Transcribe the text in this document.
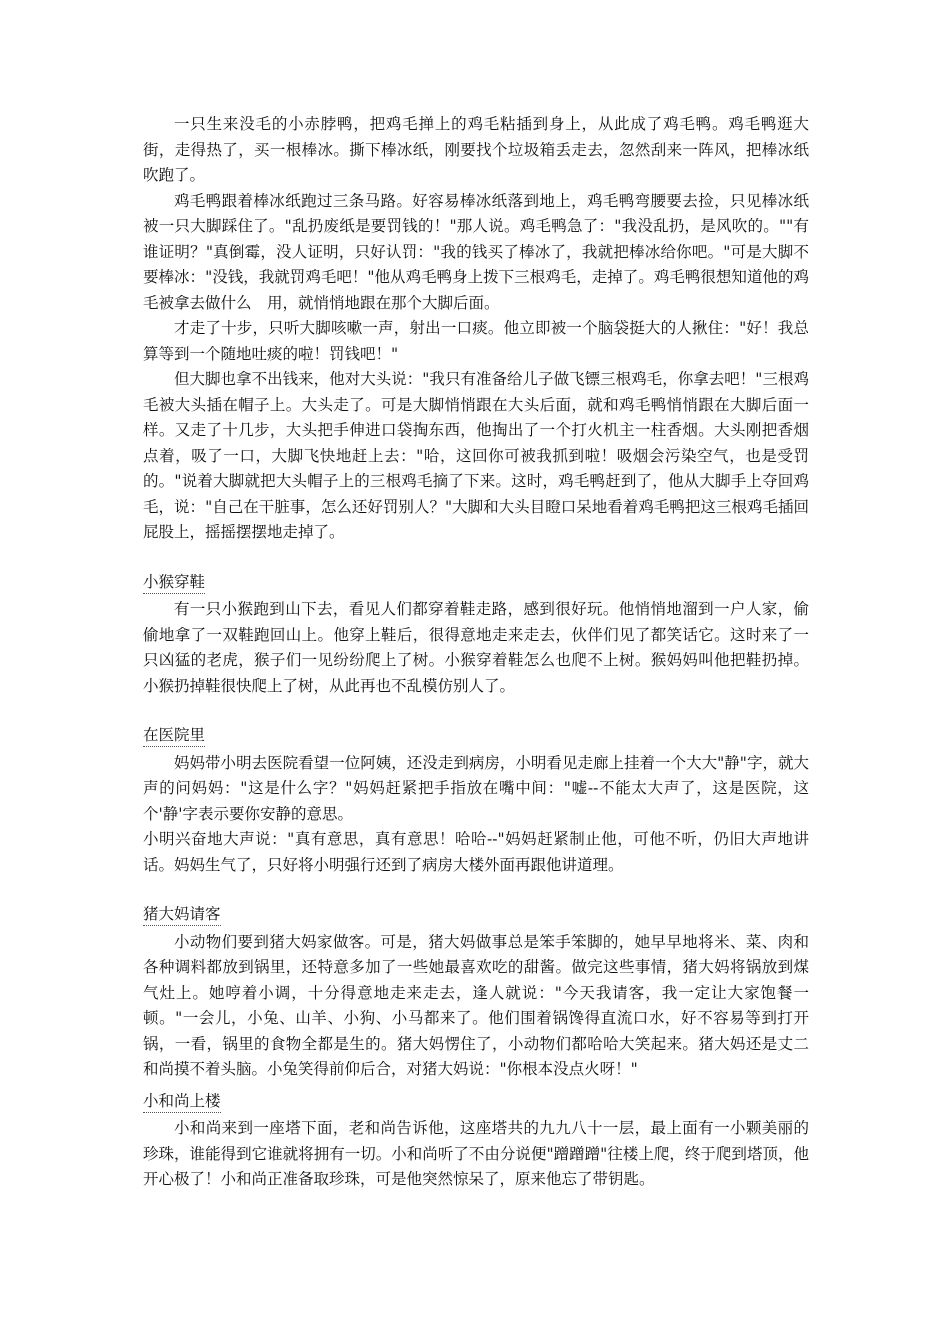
一只生来没毛的小赤脖鸭，把鸡毛掸上的鸡毛粘插到身上，从此成了鸡毛鸭。鸡毛鸭逛大街，走得热了，买一根棒冰。撕下棒冰纸，刚要找个垃圾箱丢走去，忽然刮来一阵风，把棒冰纸吹跑了。

鸡毛鸭跟着棒冰纸跑过三条马路。好容易棒冰纸落到地上，鸡毛鸭弯腰要去捡，只见棒冰纸被一只大脚踩住了。"乱扔废纸是要罚钱的！"那人说。鸡毛鸭急了："我没乱扔，是风吹的。""有谁证明？"真倒霉，没人证明，只好认罚："我的钱买了棒冰了，我就把棒冰给你吧。"可是大脚不要棒冰："没钱，我就罚鸡毛吧！"他从鸡毛鸭身上拨下三根鸡毛，走掉了。鸡毛鸭很想知道他的鸡毛被拿去做什么　用，就悄悄地跟在那个大脚后面。

才走了十步，只听大脚咳嗽一声，射出一口痰。他立即被一个脑袋挺大的人揪住："好！我总算等到一个随地吐痰的啦！罚钱吧！"

但大脚也拿不出钱来，他对大头说："我只有准备给儿子做飞镖三根鸡毛，你拿去吧！"三根鸡毛被大头插在帽子上。大头走了。可是大脚悄悄跟在大头后面，就和鸡毛鸭悄悄跟在大脚后面一样。又走了十几步，大头把手伸进口袋掏东西，他掏出了一个打火机主一柱香烟。大头刚把香烟点着，吸了一口，大脚飞快地赶上去："哈，这回你可被我抓到啦！吸烟会污染空气，也是受罚的。"说着大脚就把大头帽子上的三根鸡毛摘了下来。这时，鸡毛鸭赶到了，他从大脚手上夺回鸡毛，说："自己在干脏事，怎么还好罚别人？"大脚和大头目瞪口呆地看着鸡毛鸭把这三根鸡毛插回屁股上，摇摇摆摆地走掉了。

小猴穿鞋

有一只小猴跑到山下去，看见人们都穿着鞋走路，感到很好玩。他悄悄地溜到一户人家，偷偷地拿了一双鞋跑回山上。他穿上鞋后，很得意地走来走去，伙伴们见了都笑话它。这时来了一只凶猛的老虎，猴子们一见纷纷爬上了树。小猴穿着鞋怎么也爬不上树。猴妈妈叫他把鞋扔掉。小猴扔掉鞋很快爬上了树，从此再也不乱模仿别人了。

在医院里

妈妈带小明去医院看望一位阿姨，还没走到病房，小明看见走廊上挂着一个大大"静"字，就大声的问妈妈："这是什么字？"妈妈赶紧把手指放在嘴中间："嘘--不能太大声了，这是医院，这个'静'字表示要你安静的意思。

小明兴奋地大声说："真有意思，真有意思！哈哈--"妈妈赶紧制止他，可他不听，仍旧大声地讲话。妈妈生气了，只好将小明强行还到了病房大楼外面再跟他讲道理。

猪大妈请客

小动物们要到猪大妈家做客。可是，猪大妈做事总是笨手笨脚的，她早早地将米、菜、肉和各种调料都放到锅里，还特意多加了一些她最喜欢吃的甜酱。做完这些事情，猪大妈将锅放到煤气灶上。她哼着小调，十分得意地走来走去，逢人就说："今天我请客，我一定让大家饱餐一顿。"一会儿，小兔、山羊、小狗、小马都来了。他们围着锅馋得直流口水，好不容易等到打开锅，一看，锅里的食物全都是生的。猪大妈愣住了，小动物们都哈哈大笑起来。猪大妈还是丈二和尚摸不着头脑。小兔笑得前仰后合，对猪大妈说："你根本没点火呀！"

小和尚上楼

小和尚来到一座塔下面，老和尚告诉他，这座塔共的九九八十一层，最上面有一小颗美丽的珍珠，谁能得到它谁就将拥有一切。小和尚听了不由分说便"蹭蹭蹭"往楼上爬，终于爬到塔顶，他开心极了！小和尚正准备取珍珠，可是他突然惊呆了，原来他忘了带钥匙。
